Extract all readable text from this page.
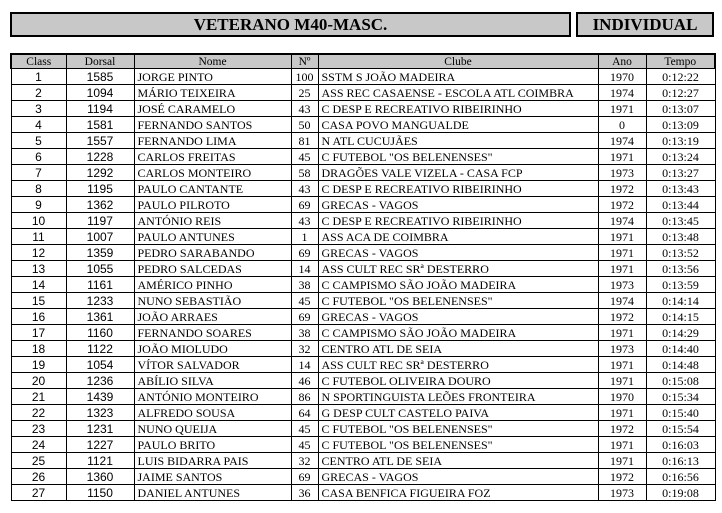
VETERANO M40-MASC.	INDIVIDUAL
Class	Dorsal	Nome	Nº	Clube	Ano	Tempo
1	1585	JORGE PINTO	100	SSTM S JOÃO MADEIRA	1970	0:12:22
2	1094	MÁRIO TEIXEIRA	25	ASS REC CASAENSE - ESCOLA ATL COIMBRA	1974	0:12:27
3	1194	JOSÉ CARAMELO	43	C DESP E RECREATIVO RIBEIRINHO	1971	0:13:07
4	1581	FERNANDO SANTOS	50	CASA POVO MANGUALDE	0	0:13:09
5	1557	FERNANDO LIMA	81	N ATL CUCUJÃES	1974	0:13:19
6	1228	CARLOS FREITAS	45	C FUTEBOL "OS BELENENSES"	1971	0:13:24
7	1292	CARLOS MONTEIRO	58	DRAGÕES VALE VIZELA - CASA FCP	1973	0:13:27
8	1195	PAULO CANTANTE	43	C DESP E RECREATIVO RIBEIRINHO	1972	0:13:43
9	1362	PAULO PILROTO	69	GRECAS - VAGOS	1972	0:13:44
10	1197	ANTÓNIO REIS	43	C DESP E RECREATIVO RIBEIRINHO	1974	0:13:45
11	1007	PAULO ANTUNES	1	ASS ACA DE COIMBRA	1971	0:13:48
12	1359	PEDRO SARABANDO	69	GRECAS - VAGOS	1971	0:13:52
13	1055	PEDRO SALCEDAS	14	ASS CULT REC SRª DESTERRO	1971	0:13:56
14	1161	AMÉRICO PINHO	38	C CAMPISMO SÃO JOÃO MADEIRA	1973	0:13:59
15	1233	NUNO SEBASTIÃO	45	C FUTEBOL "OS BELENENSES"	1974	0:14:14
16	1361	JOÃO ARRAES	69	GRECAS - VAGOS	1972	0:14:15
17	1160	FERNANDO SOARES	38	C CAMPISMO SÃO JOÃO MADEIRA	1971	0:14:29
18	1122	JOÃO MIOLUDO	32	CENTRO ATL DE SEIA	1973	0:14:40
19	1054	VÍTOR SALVADOR	14	ASS CULT REC SRª DESTERRO	1971	0:14:48
20	1236	ABÍLIO SILVA	46	C FUTEBOL OLIVEIRA DOURO	1971	0:15:08
21	1439	ANTÓNIO MONTEIRO	86	N SPORTINGUISTA LEÕES FRONTEIRA	1970	0:15:34
22	1323	ALFREDO SOUSA	64	G DESP CULT CASTELO PAIVA	1971	0:15:40
23	1231	NUNO QUEIJA	45	C FUTEBOL "OS BELENENSES"	1972	0:15:54
24	1227	PAULO BRITO	45	C FUTEBOL "OS BELENENSES"	1971	0:16:03
25	1121	LUIS BIDARRA PAIS	32	CENTRO ATL DE SEIA	1971	0:16:13
26	1360	JAIME SANTOS	69	GRECAS - VAGOS	1972	0:16:56
27	1150	DANIEL ANTUNES	36	CASA BENFICA FIGUEIRA FOZ	1973	0:19:08
